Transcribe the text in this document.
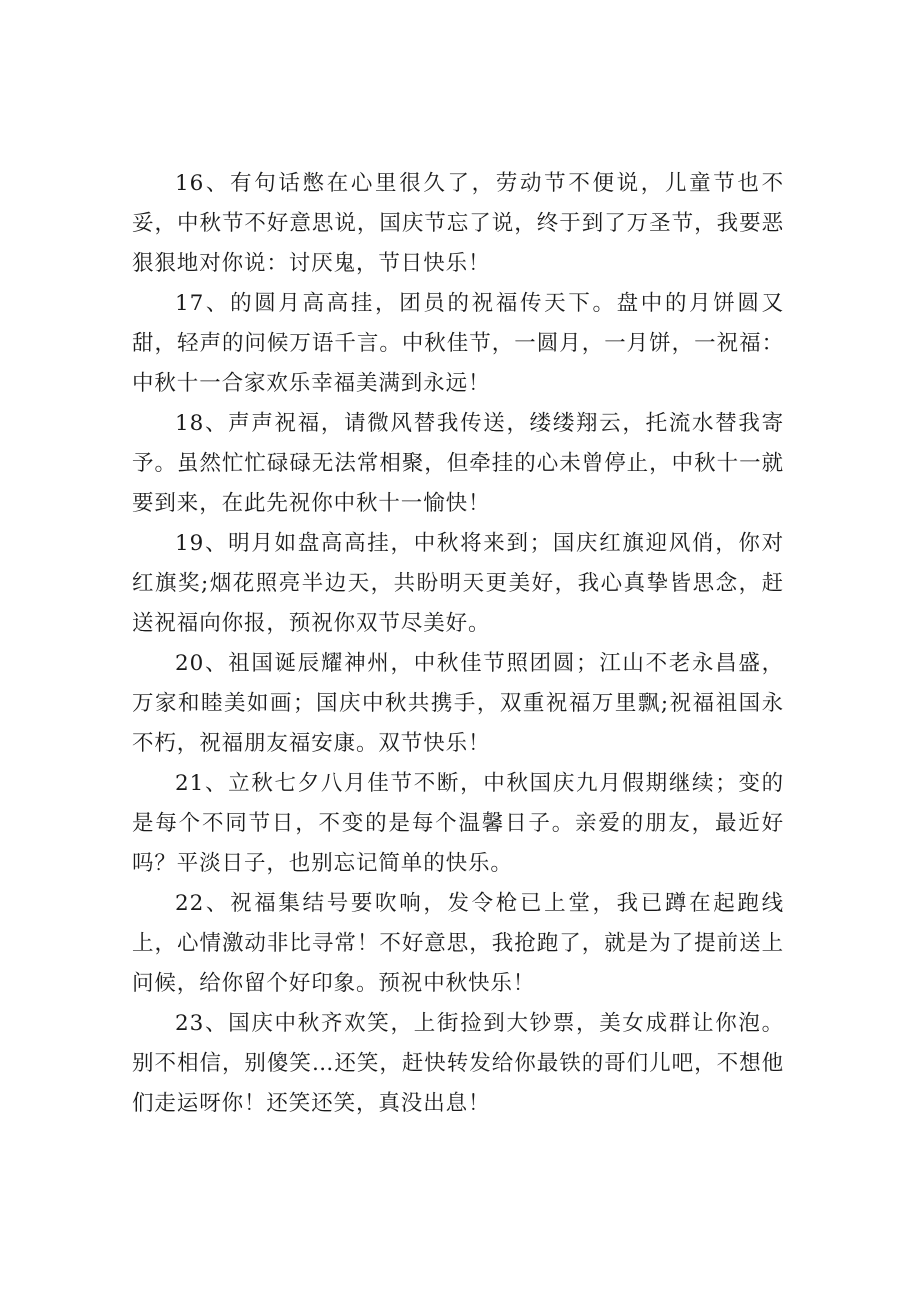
16、有句话憋在心里很久了，劳动节不便说，儿童节也不妥，中秋节不好意思说，国庆节忘了说，终于到了万圣节，我要恶狠狠地对你说：讨厌鬼，节日快乐！

17、的圆月高高挂，团员的祝福传天下。盘中的月饼圆又甜，轻声的问候万语千言。中秋佳节，一圆月，一月饼，一祝福：中秋十一合家欢乐幸福美满到永远！

18、声声祝福，请微风替我传送，缕缕翔云，托流水替我寄予。虽然忙忙碌碌无法常相聚，但牵挂的心未曾停止，中秋十一就要到来，在此先祝你中秋十一愉快！

19、明月如盘高高挂，中秋将来到；国庆红旗迎风俏，你对红旗奖;烟花照亮半边天，共盼明天更美好，我心真挚皆思念，赶送祝福向你报，预祝你双节尽美好。

20、祖国诞辰耀神州，中秋佳节照团圆；江山不老永昌盛，万家和睦美如画；国庆中秋共携手，双重祝福万里飘;祝福祖国永不朽，祝福朋友福安康。双节快乐！

21、立秋七夕八月佳节不断，中秋国庆九月假期继续；变的是每个不同节日，不变的是每个温馨日子。亲爱的朋友，最近好吗？平淡日子，也别忘记简单的快乐。

22、祝福集结号要吹响，发令枪已上堂，我已蹲在起跑线上，心情激动非比寻常！不好意思，我抢跑了，就是为了提前送上问候，给你留个好印象。预祝中秋快乐！

23、国庆中秋齐欢笑，上街捡到大钞票，美女成群让你泡。别不相信，别傻笑…还笑，赶快转发给你最铁的哥们儿吧，不想他们走运呀你！还笑还笑，真没出息！
